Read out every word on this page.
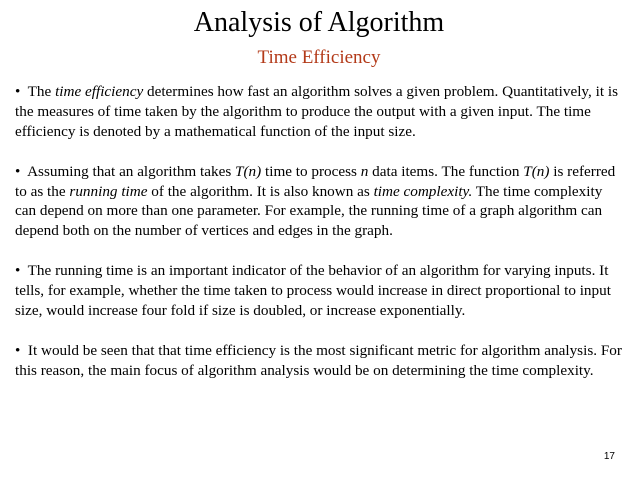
Analysis of Algorithm
Time Efficiency

• The time efficiency determines how fast an algorithm solves a given problem. Quantitatively, it is the measures of time taken by the algorithm to produce the output with a given input. The time efficiency is denoted by a mathematical function of the input size.

• Assuming that an algorithm takes T(n) time to process n data items. The function T(n) is referred to as the running time of the algorithm. It is also known as time complexity. The time complexity can depend on more than one parameter. For example, the running time of a graph algorithm can depend both on the number of vertices and edges in the graph.

• The running time is an important indicator of the behavior of an algorithm for varying inputs. It tells, for example, whether the time taken to process would increase in direct proportional to input size, would increase four fold if size is doubled, or increase exponentially.

• It would be seen that that time efficiency is the most significant metric for algorithm analysis. For this reason, the main focus of algorithm analysis would be on determining the time complexity.

17
